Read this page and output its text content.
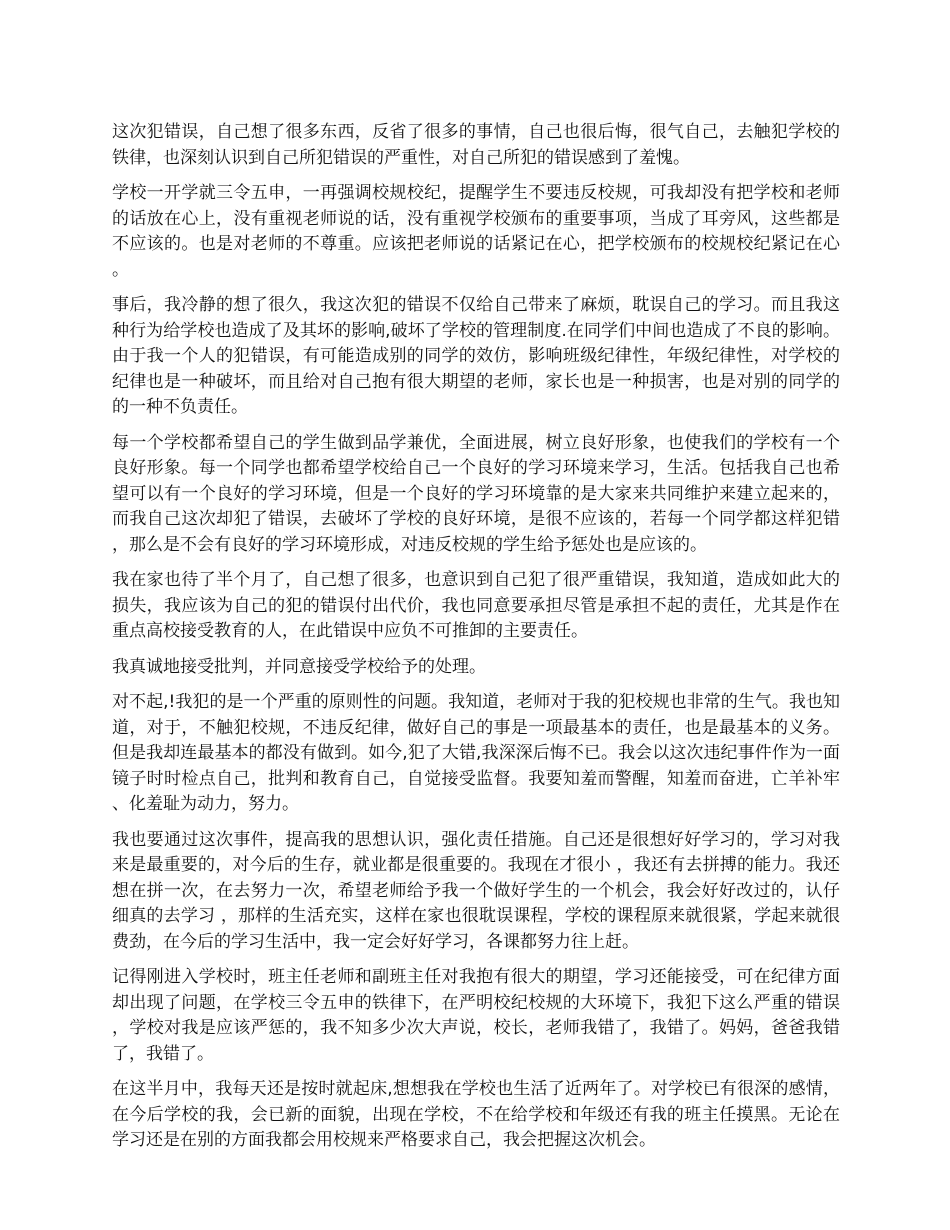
这次犯错误，自己想了很多东西，反省了很多的事情，自己也很后悔，很气自己，去触犯学校的铁律，也深刻认识到自己所犯错误的严重性，对自己所犯的错误感到了羞愧。

学校一开学就三令五申，一再强调校规校纪，提醒学生不要违反校规，可我却没有把学校和老师的话放在心上，没有重视老师说的话，没有重视学校颁布的重要事项，当成了耳旁风，这些都是不应该的。也是对老师的不尊重。应该把老师说的话紧记在心，把学校颁布的校规校纪紧记在心。

事后，我冷静的想了很久，我这次犯的错误不仅给自己带来了麻烦，耽误自己的学习。而且我这种行为给学校也造成了及其坏的影响,破坏了学校的管理制度.在同学们中间也造成了不良的影响。由于我一个人的犯错误，有可能造成别的同学的效仿，影响班级纪律性，年级纪律性，对学校的纪律也是一种破坏，而且给对自己抱有很大期望的老师，家长也是一种损害，也是对别的同学的的一种不负责任。

每一个学校都希望自己的学生做到品学兼优，全面进展，树立良好形象，也使我们的学校有一个良好形象。每一个同学也都希望学校给自己一个良好的学习环境来学习，生活。包括我自己也希望可以有一个良好的学习环境，但是一个良好的学习环境靠的是大家来共同维护来建立起来的，而我自己这次却犯了错误，去破坏了学校的良好环境，是很不应该的，若每一个同学都这样犯错，那么是不会有良好的学习环境形成，对违反校规的学生给予惩处也是应该的。

我在家也待了半个月了，自己想了很多，也意识到自己犯了很严重错误，我知道，造成如此大的损失，我应该为自己的犯的错误付出代价，我也同意要承担尽管是承担不起的责任，尤其是作在重点高校接受教育的人，在此错误中应负不可推卸的主要责任。

我真诚地接受批判，并同意接受学校给予的处理。

对不起,!我犯的是一个严重的原则性的问题。我知道，老师对于我的犯校规也非常的生气。我也知道，对于，不触犯校规，不违反纪律，做好自己的事是一项最基本的责任，也是最基本的义务。但是我却连最基本的都没有做到。如今,犯了大错,我深深后悔不已。我会以这次违纪事件作为一面镜子时时检点自己，批判和教育自己，自觉接受监督。我要知羞而警醒，知羞而奋进，亡羊补牢、化羞耻为动力，努力。

我也要通过这次事件，提高我的思想认识，强化责任措施。自己还是很想好好学习的，学习对我来是最重要的，对今后的生存，就业都是很重要的。我现在才很小 ，我还有去拼搏的能力。我还想在拼一次，在去努力一次，希望老师给予我一个做好学生的一个机会，我会好好改过的，认仔细真的去学习 ，那样的生活充实，这样在家也很耽误课程，学校的课程原来就很紧，学起来就很费劲，在今后的学习生活中，我一定会好好学习，各课都努力往上赶。

记得刚进入学校时，班主任老师和副班主任对我抱有很大的期望，学习还能接受，可在纪律方面却出现了问题，在学校三令五申的铁律下，在严明校纪校规的大环境下，我犯下这么严重的错误，学校对我是应该严惩的，我不知多少次大声说，校长，老师我错了，我错了。妈妈，爸爸我错了，我错了。

在这半月中，我每天还是按时就起床,想想我在学校也生活了近两年了。对学校已有很深的感情，在今后学校的我，会已新的面貌，出现在学校，不在给学校和年级还有我的班主任摸黑。无论在学习还是在别的方面我都会用校规来严格要求自己，我会把握这次机会。
